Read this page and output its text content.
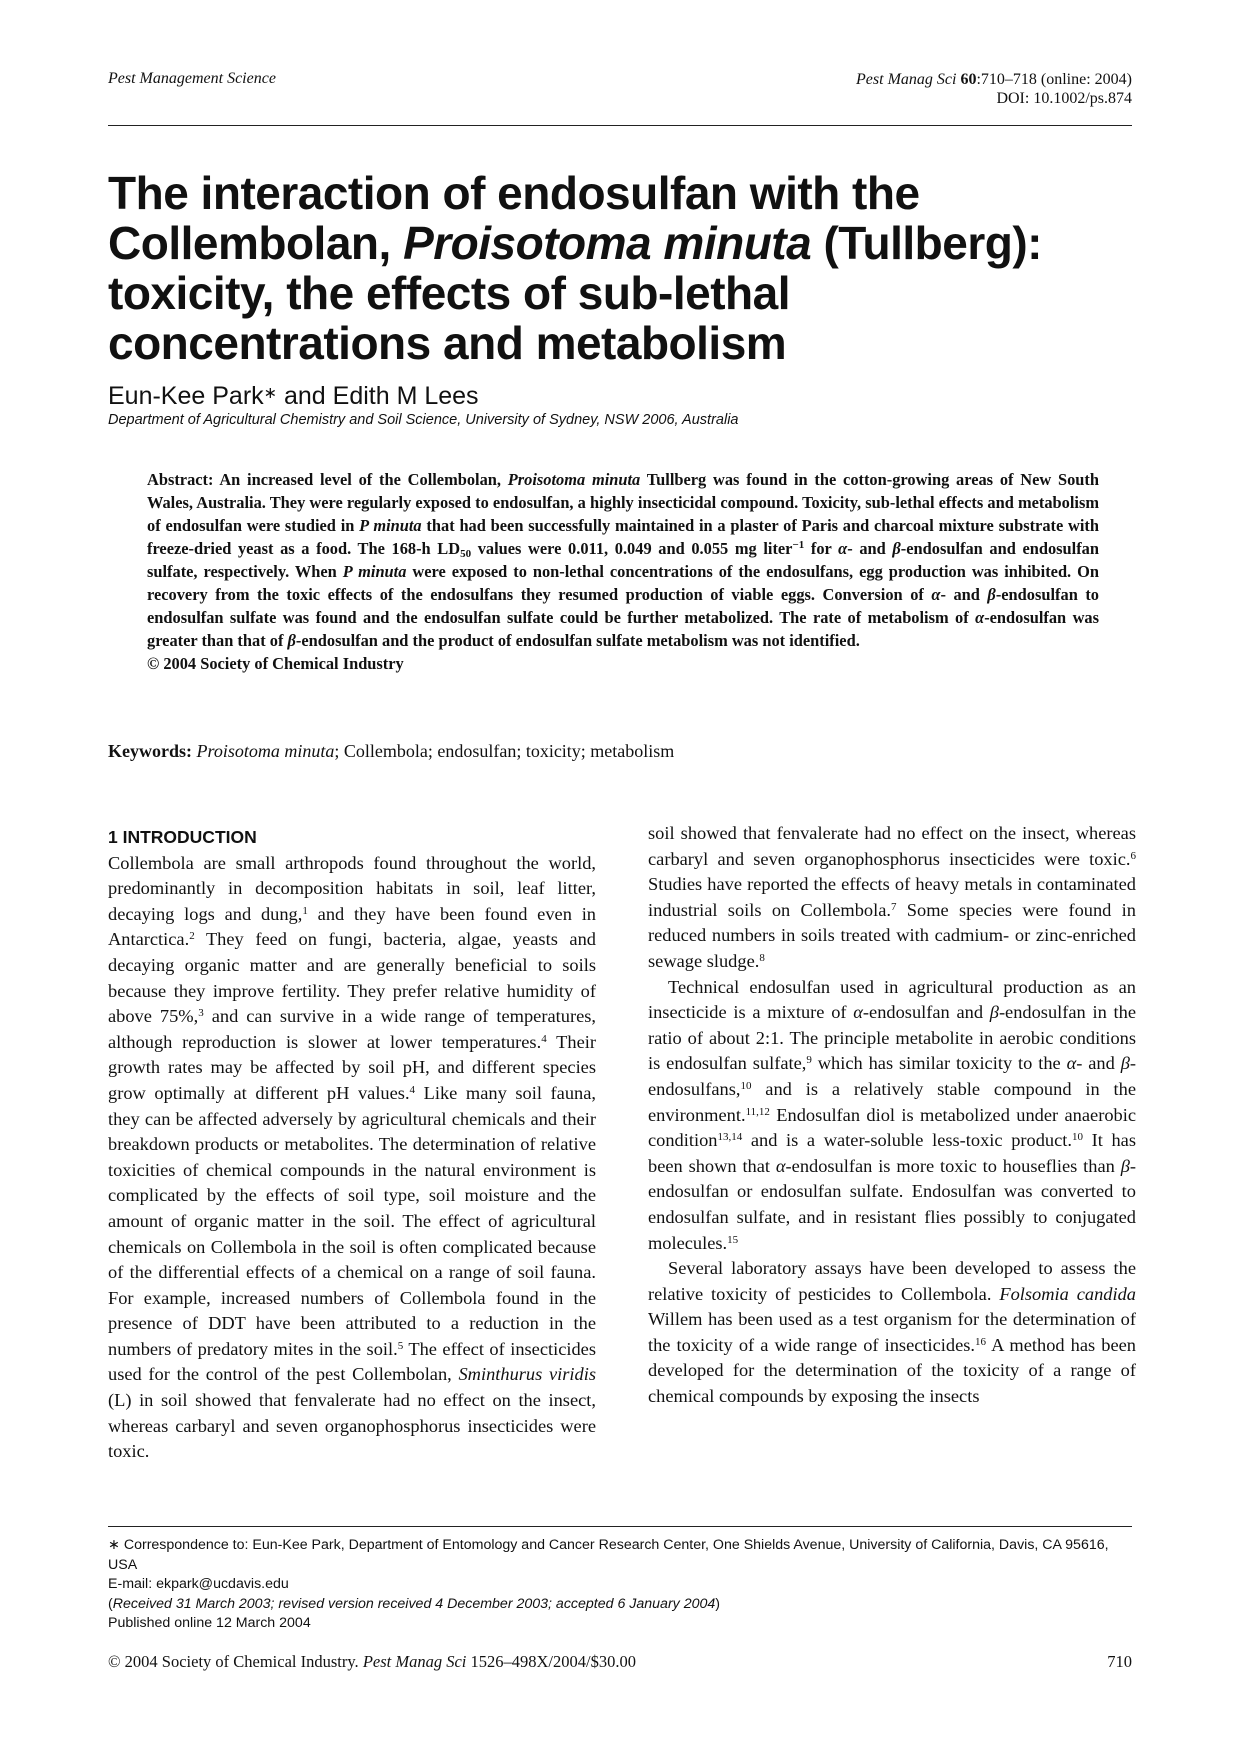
Pest Management Science	Pest Manag Sci 60:710–718 (online: 2004)
DOI: 10.1002/ps.874
The interaction of endosulfan with the
Collembolan, Proisotoma minuta (Tullberg):
toxicity, the effects of sub-lethal
concentrations and metabolism
Eun-Kee Park∗ and Edith M Lees
Department of Agricultural Chemistry and Soil Science, University of Sydney, NSW 2006, Australia
Abstract: An increased level of the Collembolan, Proisotoma minuta Tullberg was found in the cotton-growing areas of New South Wales, Australia. They were regularly exposed to endosulfan, a highly insecticidal compound. Toxicity, sub-lethal effects and metabolism of endosulfan were studied in P minuta that had been successfully maintained in a plaster of Paris and charcoal mixture substrate with freeze-dried yeast as a food. The 168-h $LD_{50}$ values were 0.011, 0.049 and 0.055 mg liter$^{-1}$ for α- and β-endosulfan and endosulfan sulfate, respectively. When P minuta were exposed to non-lethal concentrations of the endosulfans, egg production was inhibited. On recovery from the toxic effects of the endosulfans they resumed production of viable eggs. Conversion of α- and β-endosulfan to endosulfan sulfate was found and the endosulfan sulfate could be further metabolized. The rate of metabolism of α-endosulfan was greater than that of β-endosulfan and the product of endosulfan sulfate metabolism was not identified.
© 2004 Society of Chemical Industry
Keywords: Proisotoma minuta; Collembola; endosulfan; toxicity; metabolism
1 INTRODUCTION

Collembola are small arthropods found throughout the world, predominantly in decomposition habitats in soil, leaf litter, decaying logs and dung,$^1$ and they have been found even in Antarctica.$^2$ They feed on fungi, bacteria, algae, yeasts and decaying organic matter and are generally beneficial to soils because they improve fertility. They prefer relative humidity of above 75%,$^3$ and can survive in a wide range of temperatures, although reproduction is slower at lower temperatures.$^4$ Their growth rates may be affected by soil pH, and different species grow optimally at different pH values.$^4$ Like many soil fauna, they can be affected adversely by agricultural chemicals and their breakdown products or metabolites. The determination of relative toxicities of chemical compounds in the natural environment is complicated by the effects of soil type, soil moisture and the amount of organic matter in the soil. The effect of agricultural chemicals on Collembola in the soil is often complicated because of the differential effects of a chemical on a range of soil fauna. For example, increased numbers of Collembola found in the presence of DDT have been attributed to a reduction in the numbers of predatory mites in the soil.$^5$ The effect of insecticides used for the control of the pest Collembolan, Sminthurus viridis (L) in soil showed that fenvalerate had no effect on the insect, whereas carbaryl and seven organophosphorus insecticides were toxic.

soil showed that fenvalerate had no effect on the insect, whereas carbaryl and seven organophosphorus insecticides were toxic.$^6$ Studies have reported the effects of heavy metals in contaminated industrial soils on Collembola.$^7$ Some species were found in reduced numbers in soils treated with cadmium- or zinc-enriched sewage sludge.$^8$

Technical endosulfan used in agricultural production as an insecticide is a mixture of α-endosulfan and β-endosulfan in the ratio of about 2:1. The principle metabolite in aerobic conditions is endosulfan sulfate,$^9$ which has similar toxicity to the α- and β-endosulfans,$^{10}$ and is a relatively stable compound in the environment.$^{11,12}$ Endosulfan diol is metabolized under anaerobic condition$^{13,14}$ and is a water-soluble less-toxic product.$^{10}$ It has been shown that α-endosulfan is more toxic to houseflies than β-endosulfan or endosulfan sulfate. Endosulfan was converted to endosulfan sulfate, and in resistant flies possibly to conjugated molecules.$^{15}$

Several laboratory assays have been developed to assess the relative toxicity of pesticides to Collembola. Folsomia candida Willem has been used as a test organism for the determination of the toxicity of a wide range of insecticides.$^{16}$ A method has been developed for the determination of the toxicity of a range of chemical compounds by exposing the insects

∗ Correspondence to: Eun-Kee Park, Department of Entomology and Cancer Research Center, One Shields Avenue, University of California, Davis, CA 95616, USA
E-mail: ekpark@ucdavis.edu
(Received 31 March 2003; revised version received 4 December 2003; accepted 6 January 2004)
Published online 12 March 2004
© 2004 Society of Chemical Industry. Pest Manag Sci 1526–498X/2004/$30.00	710
